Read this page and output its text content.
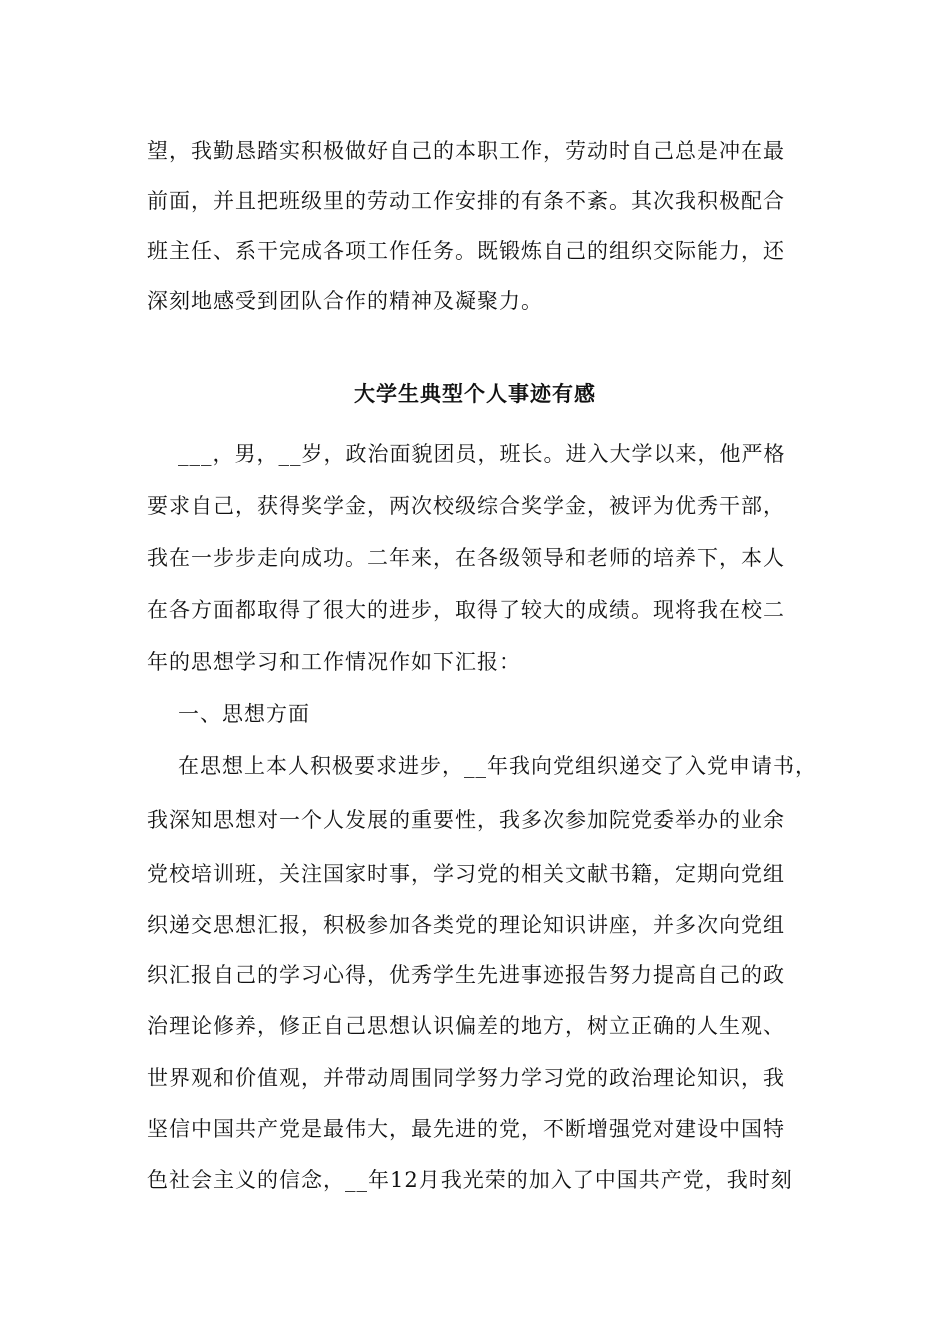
望，我勤恳踏实积极做好自己的本职工作，劳动时自己总是冲在最
前面，并且把班级里的劳动工作安排的有条不紊。其次我积极配合
班主任、系干完成各项工作任务。既锻炼自己的组织交际能力，还
深刻地感受到团队合作的精神及凝聚力。
大学生典型个人事迹有感
___，男，__岁，政治面貌团员，班长。进入大学以来，他严格
要求自己，获得奖学金，两次校级综合奖学金，被评为优秀干部，
我在一步步走向成功。二年来，在各级领导和老师的培养下，本人
在各方面都取得了很大的进步，取得了较大的成绩。现将我在校二
年的思想学习和工作情况作如下汇报：
一、思想方面
在思想上本人积极要求进步，__年我向党组织递交了入党申请书，
我深知思想对一个人发展的重要性，我多次参加院党委举办的业余
党校培训班，关注国家时事，学习党的相关文献书籍，定期向党组
织递交思想汇报，积极参加各类党的理论知识讲座，并多次向党组
织汇报自己的学习心得，优秀学生先进事迹报告努力提高自己的政
治理论修养，修正自己思想认识偏差的地方，树立正确的人生观、
世界观和价值观，并带动周围同学努力学习党的政治理论知识，我
坚信中国共产党是最伟大，最先进的党，不断增强党对建设中国特
色社会主义的信念，__年12月我光荣的加入了中国共产党，我时刻
